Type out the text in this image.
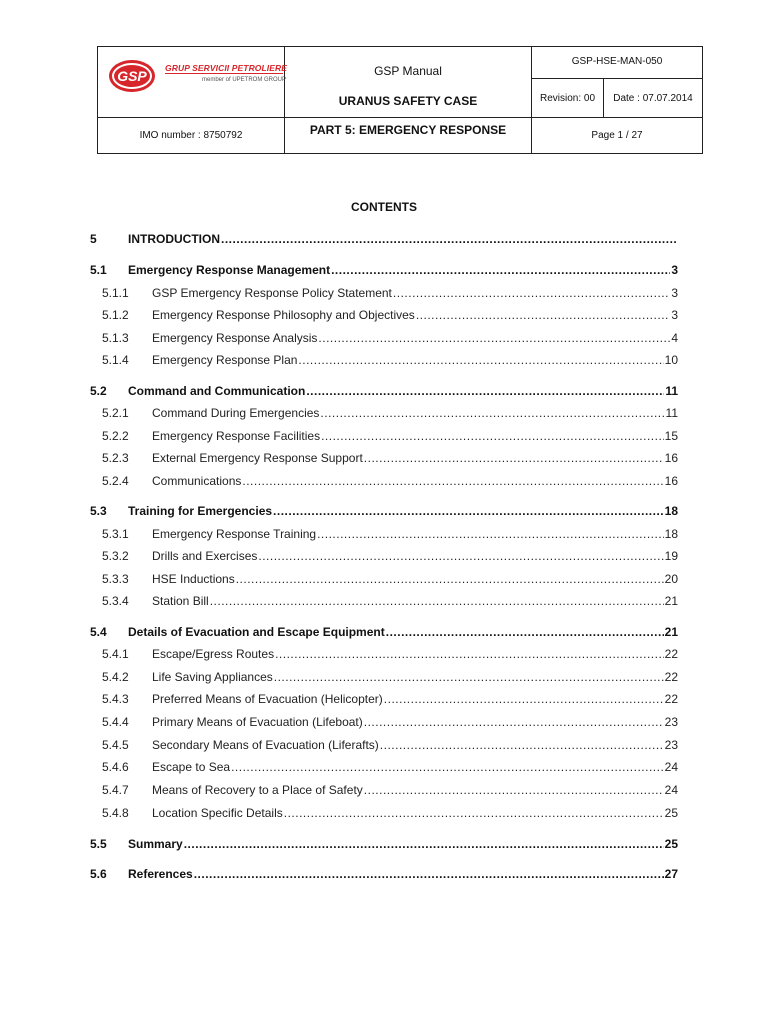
GSP GRUP SERVICII PETROLIERE
member of UPETROM GROUP
GSP Manual
URANUS SAFETY CASE
PART 5: EMERGENCY RESPONSE
IMO number : 8750792
GSP-HSE-MAN-050
Revision: 00	Date : 07.07.2014
Page 1 / 27
CONTENTS
5	INTRODUCTION
.....
5.1	Emergency Response Management .....	3
5.1.1	GSP Emergency Response Policy Statement .....	3
5.1.2	Emergency Response Philosophy and Objectives .....	3
5.1.3	Emergency Response Analysis .....	4
5.1.4	Emergency Response Plan .....	10
5.2	Command and Communication .....	11
5.2.1	Command During Emergencies .....	11
5.2.2	Emergency Response Facilities .....	15
5.2.3	External Emergency Response Support .....	16
5.2.4	Communications .....	16
5.3	Training for Emergencies .....	18
5.3.1	Emergency Response Training .....	18
5.3.2	Drills and Exercises .....	19
5.3.3	HSE Inductions .....	20
5.3.4	Station Bill .....	21
5.4	Details of Evacuation and Escape Equipment .....	21
5.4.1	Escape/Egress Routes .....	22
5.4.2	Life Saving Appliances .....	22
5.4.3	Preferred Means of Evacuation (Helicopter) .....	22
5.4.4	Primary Means of Evacuation (Lifeboat) .....	23
5.4.5	Secondary Means of Evacuation (Liferafts) .....	23
5.4.6	Escape to Sea .....	24
5.4.7	Means of Recovery to a Place of Safety .....	24
5.4.8	Location Specific Details .....	25
5.5	Summary .....	25
5.6	References .....	27
